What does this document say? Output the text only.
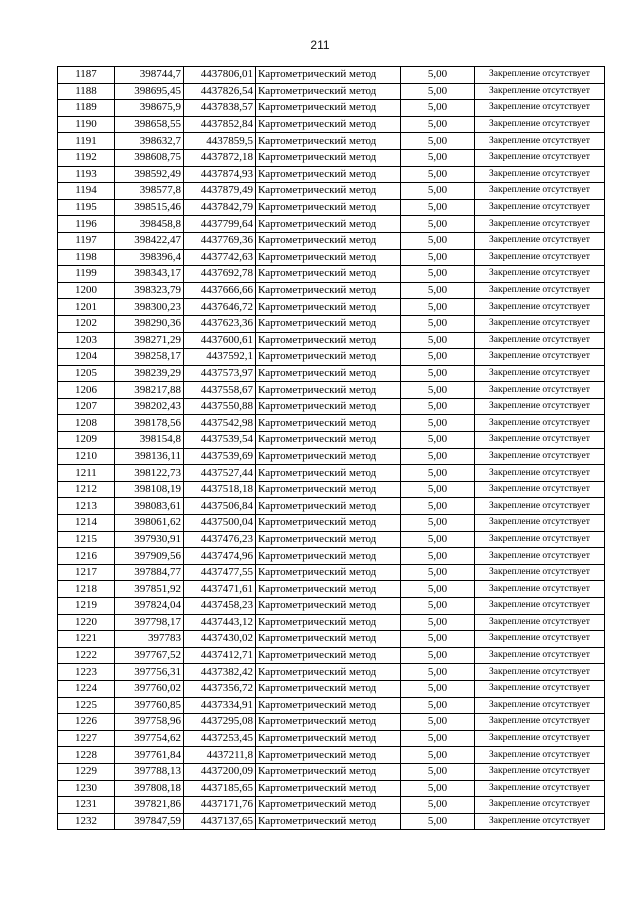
211
1187	398744,7	4437806,01	Картометрический метод	5,00	Закрепление отсутствует
1188	398695,45	4437826,54	Картометрический метод	5,00	Закрепление отсутствует
1189	398675,9	4437838,57	Картометрический метод	5,00	Закрепление отсутствует
1190	398658,55	4437852,84	Картометрический метод	5,00	Закрепление отсутствует
1191	398632,7	4437859,5	Картометрический метод	5,00	Закрепление отсутствует
1192	398608,75	4437872,18	Картометрический метод	5,00	Закрепление отсутствует
1193	398592,49	4437874,93	Картометрический метод	5,00	Закрепление отсутствует
1194	398577,8	4437879,49	Картометрический метод	5,00	Закрепление отсутствует
1195	398515,46	4437842,79	Картометрический метод	5,00	Закрепление отсутствует
1196	398458,8	4437799,64	Картометрический метод	5,00	Закрепление отсутствует
1197	398422,47	4437769,36	Картометрический метод	5,00	Закрепление отсутствует
1198	398396,4	4437742,63	Картометрический метод	5,00	Закрепление отсутствует
1199	398343,17	4437692,78	Картометрический метод	5,00	Закрепление отсутствует
1200	398323,79	4437666,66	Картометрический метод	5,00	Закрепление отсутствует
1201	398300,23	4437646,72	Картометрический метод	5,00	Закрепление отсутствует
1202	398290,36	4437623,36	Картометрический метод	5,00	Закрепление отсутствует
1203	398271,29	4437600,61	Картометрический метод	5,00	Закрепление отсутствует
1204	398258,17	4437592,1	Картометрический метод	5,00	Закрепление отсутствует
1205	398239,29	4437573,97	Картометрический метод	5,00	Закрепление отсутствует
1206	398217,88	4437558,67	Картометрический метод	5,00	Закрепление отсутствует
1207	398202,43	4437550,88	Картометрический метод	5,00	Закрепление отсутствует
1208	398178,56	4437542,98	Картометрический метод	5,00	Закрепление отсутствует
1209	398154,8	4437539,54	Картометрический метод	5,00	Закрепление отсутствует
1210	398136,11	4437539,69	Картометрический метод	5,00	Закрепление отсутствует
1211	398122,73	4437527,44	Картометрический метод	5,00	Закрепление отсутствует
1212	398108,19	4437518,18	Картометрический метод	5,00	Закрепление отсутствует
1213	398083,61	4437506,84	Картометрический метод	5,00	Закрепление отсутствует
1214	398061,62	4437500,04	Картометрический метод	5,00	Закрепление отсутствует
1215	397930,91	4437476,23	Картометрический метод	5,00	Закрепление отсутствует
1216	397909,56	4437474,96	Картометрический метод	5,00	Закрепление отсутствует
1217	397884,77	4437477,55	Картометрический метод	5,00	Закрепление отсутствует
1218	397851,92	4437471,61	Картометрический метод	5,00	Закрепление отсутствует
1219	397824,04	4437458,23	Картометрический метод	5,00	Закрепление отсутствует
1220	397798,17	4437443,12	Картометрический метод	5,00	Закрепление отсутствует
1221	397783	4437430,02	Картометрический метод	5,00	Закрепление отсутствует
1222	397767,52	4437412,71	Картометрический метод	5,00	Закрепление отсутствует
1223	397756,31	4437382,42	Картометрический метод	5,00	Закрепление отсутствует
1224	397760,02	4437356,72	Картометрический метод	5,00	Закрепление отсутствует
1225	397760,85	4437334,91	Картометрический метод	5,00	Закрепление отсутствует
1226	397758,96	4437295,08	Картометрический метод	5,00	Закрепление отсутствует
1227	397754,62	4437253,45	Картометрический метод	5,00	Закрепление отсутствует
1228	397761,84	4437211,8	Картометрический метод	5,00	Закрепление отсутствует
1229	397788,13	4437200,09	Картометрический метод	5,00	Закрепление отсутствует
1230	397808,18	4437185,65	Картометрический метод	5,00	Закрепление отсутствует
1231	397821,86	4437171,76	Картометрический метод	5,00	Закрепление отсутствует
1232	397847,59	4437137,65	Картометрический метод	5,00	Закрепление отсутствует
